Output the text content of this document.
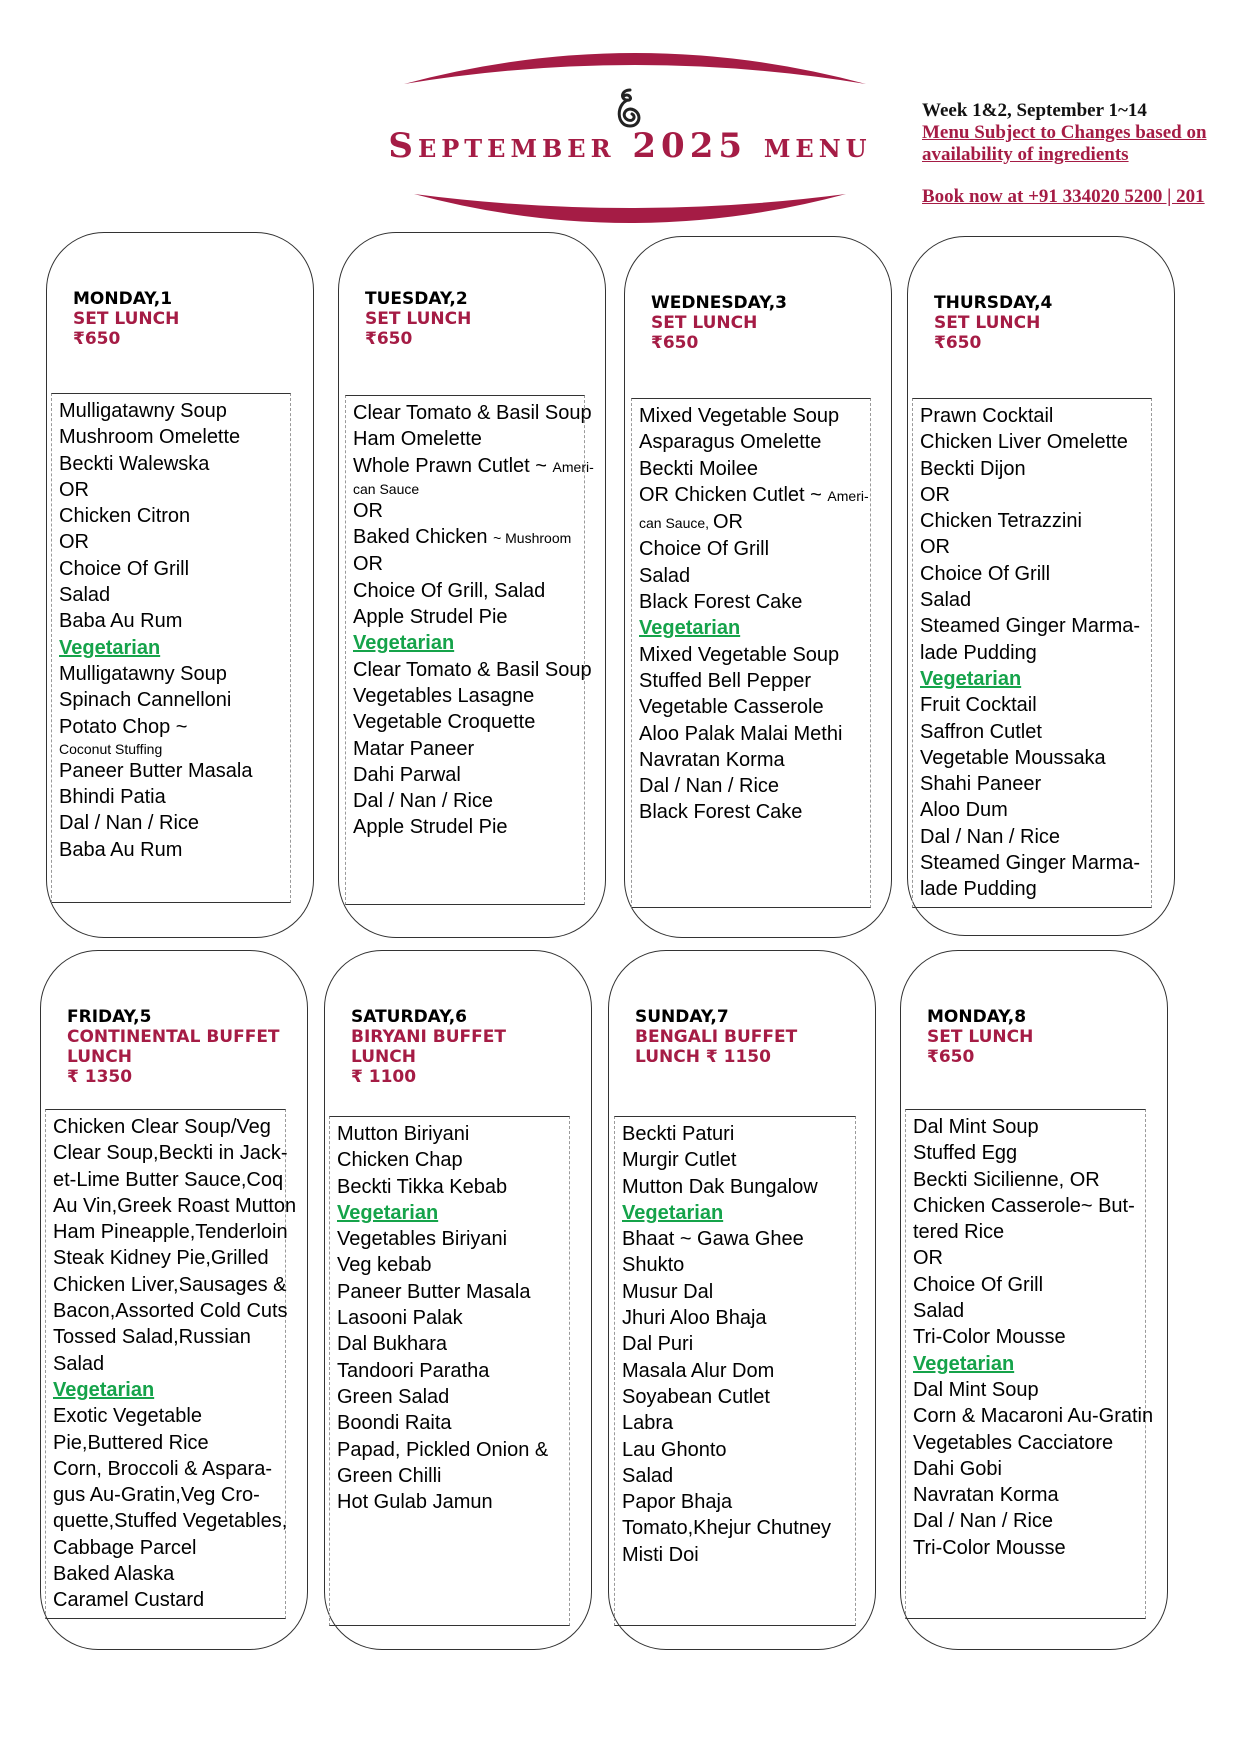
September 2025 menu
Week 1&2, September 1~14
Menu Subject to Changes based on
availability of ingredients
Book now at +91 334020 5200 | 201
MONDAY,1
SET LUNCH
₹650
Mulligatawny Soup
Mushroom Omelette
Beckti Walewska
OR
Chicken Citron
OR
Choice Of Grill
Salad
Baba Au Rum
Vegetarian
Mulligatawny Soup
Spinach Cannelloni
Potato Chop ~
Coconut Stuffing
Paneer Butter Masala
Bhindi Patia
Dal / Nan / Rice
Baba Au Rum
TUESDAY,2
SET LUNCH
₹650
Clear Tomato & Basil Soup
Ham Omelette
Whole Prawn Cutlet ~ Ameri-
can Sauce
OR
Baked Chicken ~ Mushroom
OR
Choice Of Grill, Salad
Apple Strudel Pie
Vegetarian
Clear Tomato & Basil Soup
Vegetables Lasagne
Vegetable Croquette
Matar Paneer
Dahi Parwal
Dal / Nan / Rice
Apple Strudel Pie
WEDNESDAY,3
SET LUNCH
₹650
Mixed Vegetable Soup
Asparagus Omelette
Beckti Moilee
OR Chicken Cutlet ~ Ameri-
can Sauce, OR
Choice Of Grill
Salad
Black Forest Cake
Vegetarian
Mixed Vegetable Soup
Stuffed Bell Pepper
Vegetable Casserole
Aloo Palak Malai Methi
Navratan Korma
Dal / Nan / Rice
Black Forest Cake
THURSDAY,4
SET LUNCH
₹650
Prawn Cocktail
Chicken Liver Omelette
Beckti Dijon
OR
Chicken Tetrazzini
OR
Choice Of Grill
Salad
Steamed Ginger Marma-
lade Pudding
Vegetarian
Fruit Cocktail
Saffron Cutlet
Vegetable Moussaka
Shahi Paneer
Aloo Dum
Dal / Nan / Rice
Steamed Ginger Marma-
lade Pudding
FRIDAY,5
CONTINENTAL BUFFET
LUNCH
₹ 1350
Chicken Clear Soup/Veg
Clear Soup,Beckti in Jack-
et-Lime Butter Sauce,Coq
Au Vin,Greek Roast Mutton
Ham Pineapple,Tenderloin
Steak Kidney Pie,Grilled
Chicken Liver,Sausages &
Bacon,Assorted Cold Cuts
Tossed Salad,Russian
Salad
Vegetarian
Exotic Vegetable
Pie,Buttered Rice
Corn, Broccoli & Aspara-
gus Au-Gratin,Veg Cro-
quette,Stuffed Vegetables,
Cabbage Parcel
Baked Alaska
Caramel Custard
SATURDAY,6
BIRYANI BUFFET LUNCH
₹ 1100
Mutton Biriyani
Chicken Chap
Beckti Tikka Kebab
Vegetarian
Vegetables Biriyani
Veg kebab
Paneer Butter Masala
Lasooni Palak
Dal Bukhara
Tandoori Paratha
Green Salad
Boondi Raita
Papad, Pickled Onion &
Green Chilli
Hot Gulab Jamun
SUNDAY,7
BENGALI BUFFET
LUNCH ₹ 1150
Beckti Paturi
Murgir Cutlet
Mutton Dak Bungalow
Vegetarian
Bhaat ~ Gawa Ghee
Shukto
Musur Dal
Jhuri Aloo Bhaja
Dal Puri
Masala Alur Dom
Soyabean Cutlet
Labra
Lau Ghonto
Salad
Papor Bhaja
Tomato,Khejur Chutney
Misti Doi
MONDAY,8
SET LUNCH
₹650
Dal Mint Soup
Stuffed Egg
Beckti Sicilienne, OR
Chicken Casserole~ But-
tered Rice
OR
Choice Of Grill
Salad
Tri-Color Mousse
Vegetarian
Dal Mint Soup
Corn & Macaroni Au-Gratin
Vegetables Cacciatore
Dahi Gobi
Navratan Korma
Dal / Nan / Rice
Tri-Color Mousse
